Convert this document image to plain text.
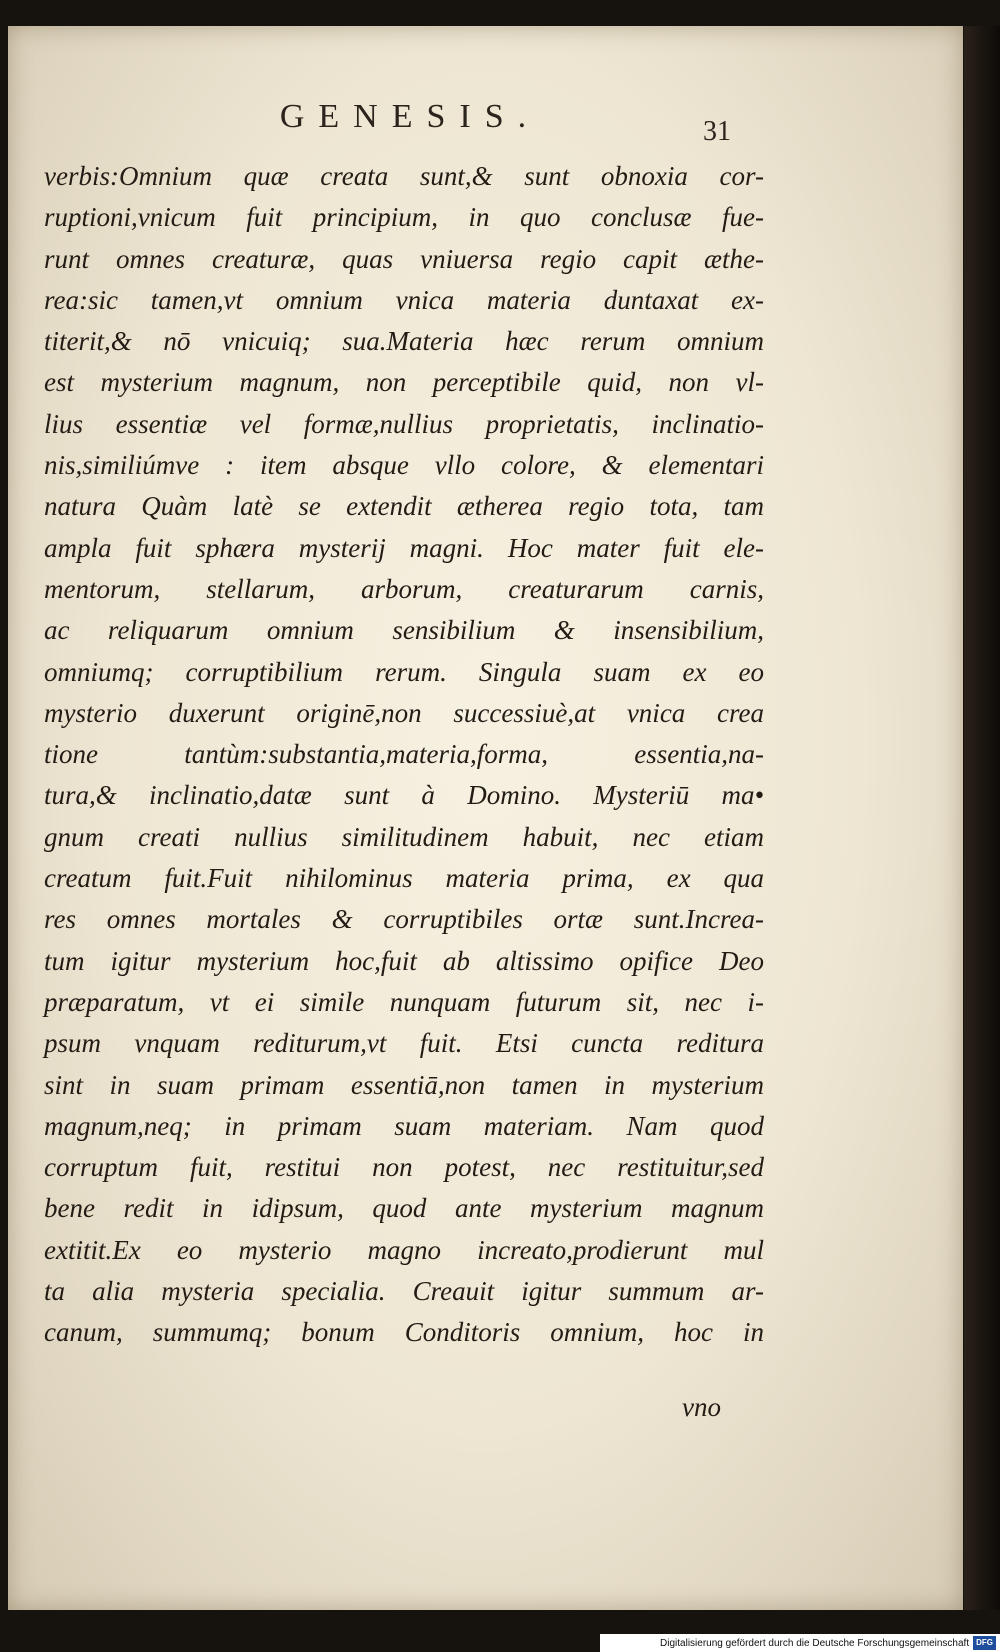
GENESIS.	31
verbis:Omnium quæ creata sunt,& sunt obnoxia cor-
ruptioni,vnicum fuit principium, in quo conclusæ fue-
runt omnes creaturæ, quas vniuersa regio capit æthe-
rea:sic tamen,vt omnium vnica materia duntaxat ex-
titerit,& nō vnicuiq; sua.Materia hæc rerum omnium
est mysterium magnum, non perceptibile quid, non vl-
lius essentiæ vel formæ,nullius proprietatis, inclinatio-
nis,similiúmve : item absque vllo colore, & elementari
natura Quàm latè se extendit ætherea regio tota, tam
ampla fuit sphæra mysterij magni. Hoc mater fuit ele-
mentorum, stellarum, arborum, creaturarum carnis,
ac reliquarum omnium sensibilium & insensibilium,
omniumq; corruptibilium rerum. Singula suam ex eo
mysterio duxerunt originē,non successiuè,at vnica crea
tione tantùm:substantia,materia,forma, essentia,na-
tura,& inclinatio,datæ sunt à Domino. Mysteriū ma•
gnum creati nullius similitudinem habuit, nec etiam
creatum fuit.Fuit nihilominus materia prima, ex qua
res omnes mortales & corruptibiles ortæ sunt.Increa-
tum igitur mysterium hoc,fuit ab altissimo opifice Deo
præparatum, vt ei simile nunquam futurum sit, nec i-
psum vnquam rediturum,vt fuit. Etsi cuncta reditura
sint in suam primam essentiā,non tamen in mysterium
magnum,neq; in primam suam materiam. Nam quod
corruptum fuit, restitui non potest, nec restituitur,sed
bene redit in idipsum, quod ante mysterium magnum
extitit.Ex eo mysterio magno increato,prodierunt mul
ta alia mysteria specialia. Creauit igitur summum ar-
canum, summumq; bonum Conditoris omnium, hoc in
vno
Digitalisierung gefördert durch die Deutsche Forschungsgemeinschaft DFG
